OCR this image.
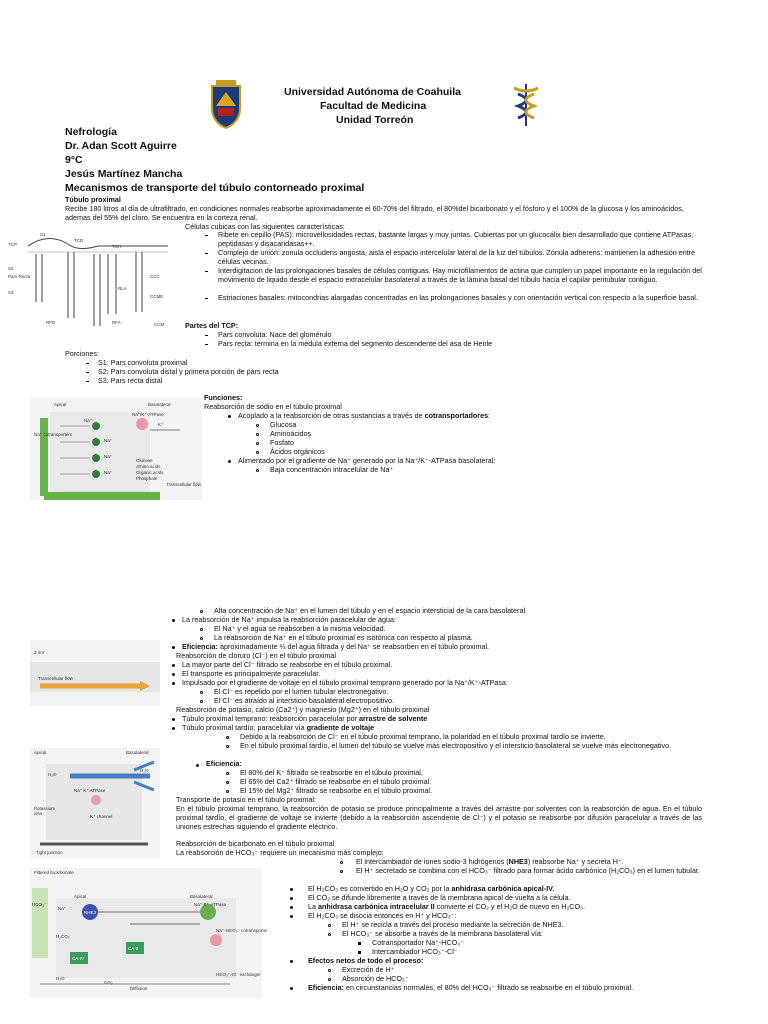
Universidad Autónoma de Coahuila
Facultad de Medicina
Unidad Torreón
Nefrología
Dr. Adan Scott Aguirre
9°C
Jesús Martínez Mancha
Mecanismos de transporte del túbulo contorneado proximal
Túbulo proximal
Recibe 180 litros al día de ultrafiltrado, en condiciones normales reabsorbe aproximadamente el 60-70% del filtrado, el 80%del bicarbonato y el fósforo y el 100% de la glucosa y los aminoácidos, ademas del 55% del cloro. Se encuentra en la corteza renal.
S1
TCD
TCP	TCH
S2
Pars Recta
S3
RLA
CCC
CCME
RFD	RFA	CCM
Células cubicas con las siguientes características:
Ribete en cepillo (PAS): microvellosidades rectas, bastante largas y muy juntas. Cubiertas por un glucocálix bien desarrollado que contiene ATPasas, peptidasas y disacaridasas++.
Complejo de unión: zonula occludens angosta, aisla el espacio intercelular lateral de la luz del túbulos. Zónula adherens: mantienen la adhesión entre células vecinas.
Interdigitacion de las prolongaciones basales de células contiguas. Hay microfilamentos de actina que cumplen un papel importante en la regulación del movimiento de liquido desde el espacio extracelular basolateral a través de la lámina basal del túbulo hacia el capilar peritubular contiguo.
Estriaciones basales: mitocondrias alargadas concentradas en las prolongaciones basales y con orientación vertical con respecto a la superficie basal.
Partes del TCP:
Pars convoluta: Nace del glomérulo
Pars recta: termina en la médula externa del segmento descendente del asa de Henle
Porciones:
S1: Pars convoluta proximal
S2: Pars convoluta distal y primera porción de pars recta
S3: Pars recta distal
Apical	Basolateral
Na⁺/K⁺-ATPase
Na⁺ cotransporters
Na⁺
Na⁺
Na⁺
Na⁺
K⁺
Glucose
Amino acids
Organic acids
Phosphate
Transcellular flow
Funciones:
Reabsorción de sodio en el túbulo proximal
Acoplado a la reabsorción de otras sustancias a través de cotransportadores:
Glucosa
Aminoácidos
Fosfato
Ácidos orgánicos
Alimentado por el gradiente de Na⁺ generado por la Na⁺/K⁺-ATPasa basolateral:
Baja concentración intracelular de Na⁺
Alta concentración de Na⁺ en el lumen del túbulo y en el espacio intersticial de la cara basolateral
La reabsorción de Na⁺ impulsa la reabsorción paracelular de agua:
El Na⁺ y el agua se reabsorben a la misma velocidad.
La reabsorción de Na⁺ en el túbulo proximal es isotónica con respecto al plasma.
Eficiencia: aproximadamente ⅔ del agua filtrada y del Na⁺ se reabsorben en el túbulo proximal.
Reabsorción de cloruro (Cl⁻) en el túbulo proximal
La mayor parte del Cl⁻ filtrado se reabsorbe en el túbulo proximal.
El transporte es principalmente paracelular.
Impulsado por el gradiente de voltaje en el túbulo proximal temprano generado por la Na⁺/K⁺-ATPasa:
El Cl⁻ es repelido por el lumen tubular electronegativo.
El Cl⁻ es atraído al intersticio basolateral electropositivo.
Reabsorción de potasio, calcio (Ca2⁺) y magnesio (Mg2⁺) en el túbulo proximal
Túbulo proximal temprano: reabsorción paracelular por arrastre de solvente
Túbulo proximal tardío: paracelular vía gradiente de voltaje
Debido a la reabsorción de Cl⁻ en el túbulo proximal temprano, la polaridad en el túbulo proximal tardío se invierte.
En el túbulo proximal tardío, el lumen del túbulo se vuelve más electropositivo y el intersticio basolateral se vuelve más electronegativo.
Eficiencia:
El 80% del K⁺ filtrado se reabsorbe en el túbulo proximal.
El 65% del Ca2⁺ filtrado se reabsorbe en el túbulo proximal.
El 15% del Mg2⁺ filtrado se reabsorbe en el túbulo proximal.
Transporte de potasio en el túbulo proximal:
En el túbulo proximal temprano, la reabsorción de potasio se produce principalmente a través del arrastre por solventes con la reabsorción de agua. En el túbulo proximal tardío, el gradiente de voltaje se invierte (debido a la reabsorción ascendente de Cl⁻) y el potasio se reabsorbe por difusión paracelular a través de las uniones estrechas siguiendo el gradiente eléctrico.
Reabsorción de bicarbonato en el túbulo proximal
La reabsorción de HCO₃⁻ requiere un mecanismo más complejo:
El intercambiador de iones sodio-3 hidrógenos (NHE3) reabsorbe Na⁺ y secreta H⁺.
El H⁺ secretado se combina con el HCO₃⁻ filtrado para formar ácido carbónico (H₂CO₃) en el lumen tubular.
El H₂CO₃ es convertido en H₂O y CO₂ por la anhidrasa carbónica apical-IV.
El CO₂ se difunde libremente a través de la membrana apical de vuelta a la célula.
La anhidrasa carbónica intracelular II convierte el CO₂ y el H₂O de nuevo en H₂CO₃.
El H₂CO₃ se disocia entonces en H⁺ y HCO₃⁻:
El H⁺ se recicla a través del proceso mediante la secreción de NHE3.
El HCO₃⁻ se absorbe a través de la membrana basolateral vía:
Cotransportador Na⁺-HCO₃⁻
Intercambiador HCO₃⁻-Cl⁻
Efectos netos de todo el proceso:
Excreción de H⁺
Absorción de HCO₃⁻
Eficiencia: en circunstancias normales, el 80% del HCO₃⁻ filtrado se reabsorbe en el túbulo proximal.
3 mV
Transcellular flow
Apical	Basolateral
H₂O
H₂O
Na⁺ K⁺ ATPase
Potassium ions
K⁺ channel
Tight junction
Filtered bicarbonate
Apical	Basolateral
HCO₃⁻
Na⁺
NHE3
Na⁺-K⁺-ATPase
CA-IV
CA-II
H₂CO₃
H₂O
CO₂
Diffusion
HCO₃⁻-Cl⁻ exchanger
Na⁺-HCO₃⁻ cotransporter
